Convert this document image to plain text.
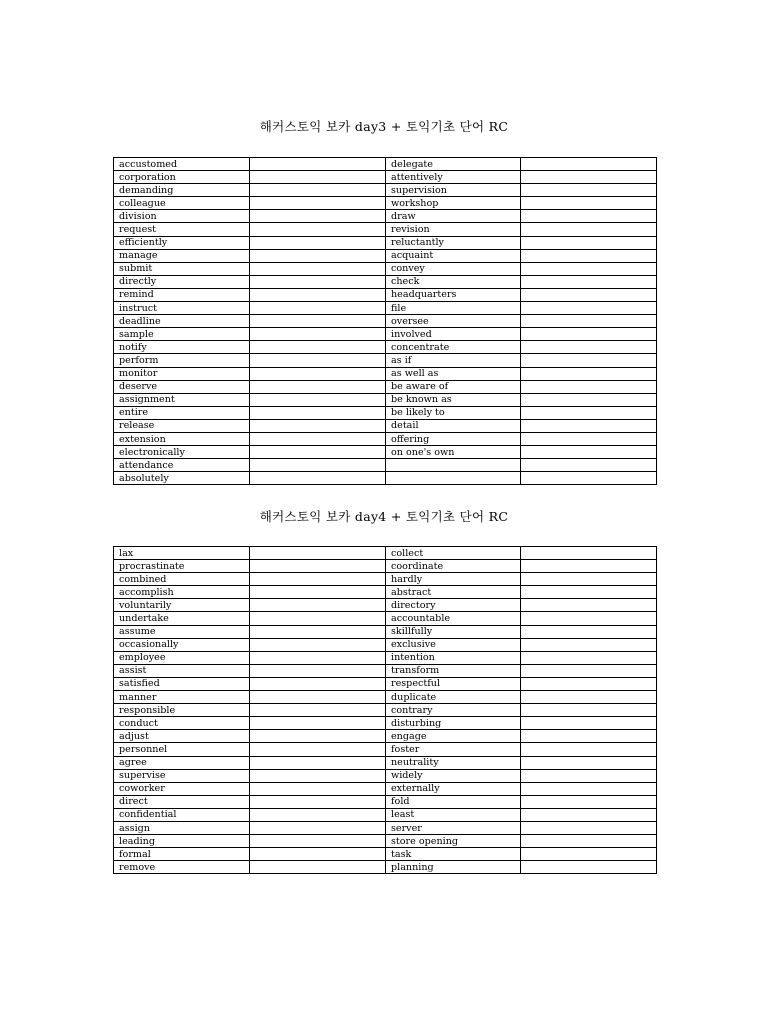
해커스토익 보카 day3 + 토익기초 단어 RC
accustomed		delegate	
corporation		attentively	
demanding		supervision	
colleague		workshop	
division		draw	
request		revision	
efficiently		reluctantly	
manage		acquaint	
submit		convey	
directly		check	
remind		headquarters	
instruct		file	
deadline		oversee	
sample		involved	
notify		concentrate	
perform		as if	
monitor		as well as	
deserve		be aware of	
assignment		be known as	
entire		be likely to	
release		detail	
extension		offering	
electronically		on one's own	
attendance			
absolutely			
해커스토익 보카 day4 + 토익기초 단어 RC
lax		collect	
procrastinate		coordinate	
combined		hardly	
accomplish		abstract	
voluntarily		directory	
undertake		accountable	
assume		skillfully	
occasionally		exclusive	
employee		intention	
assist		transform	
satisfied		respectful	
manner		duplicate	
responsible		contrary	
conduct		disturbing	
adjust		engage	
personnel		foster	
agree		neutrality	
supervise		widely	
coworker		externally	
direct		fold	
confidential		least	
assign		server	
leading		store opening	
formal		task	
remove		planning	
